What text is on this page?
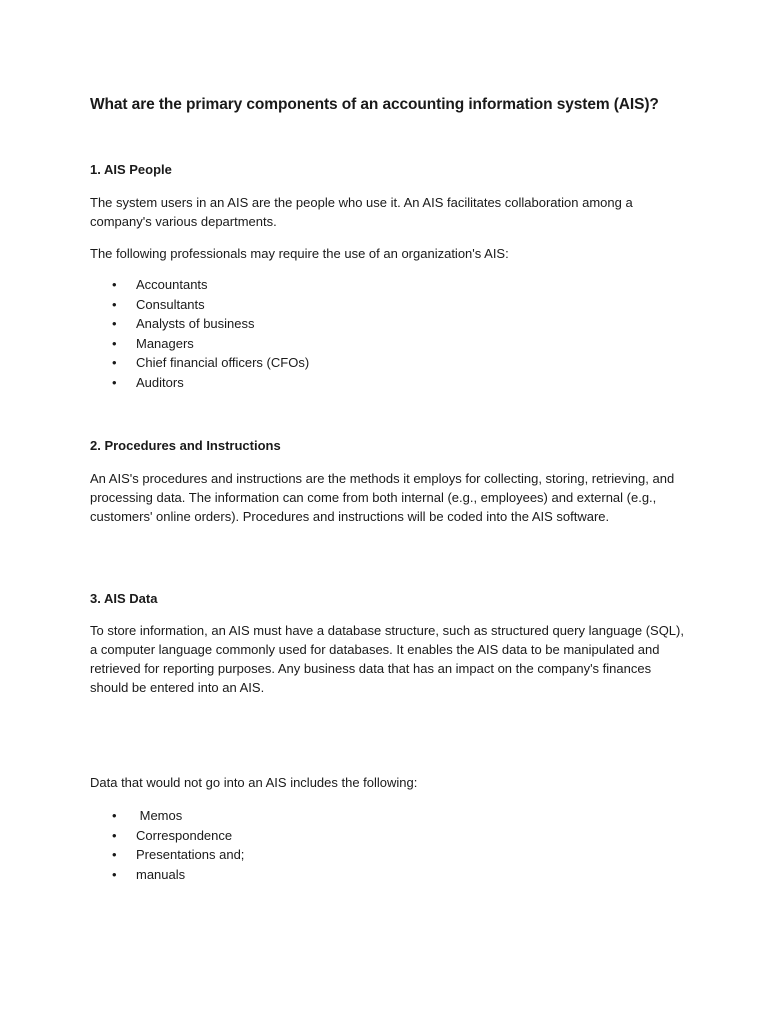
What are the primary components of an accounting information system (AIS)?
1. AIS People

The system users in an AIS are the people who use it. An AIS facilitates collaboration among a company's various departments.

The following professionals may require the use of an organization's AIS:

• Accountants
• Consultants
• Analysts of business
• Managers
• Chief financial officers (CFOs)
• Auditors
2. Procedures and Instructions

An AIS's procedures and instructions are the methods it employs for collecting, storing, retrieving, and processing data. The information can come from both internal (e.g., employees) and external (e.g., customers' online orders). Procedures and instructions will be coded into the AIS software.

3. AIS Data

To store information, an AIS must have a database structure, such as structured query language (SQL), a computer language commonly used for databases. It enables the AIS data to be manipulated and retrieved for reporting purposes. Any business data that has an impact on the company's finances should be entered into an AIS.

Data that would not go into an AIS includes the following:

• Memos
• Correspondence
• Presentations and;
• manuals
